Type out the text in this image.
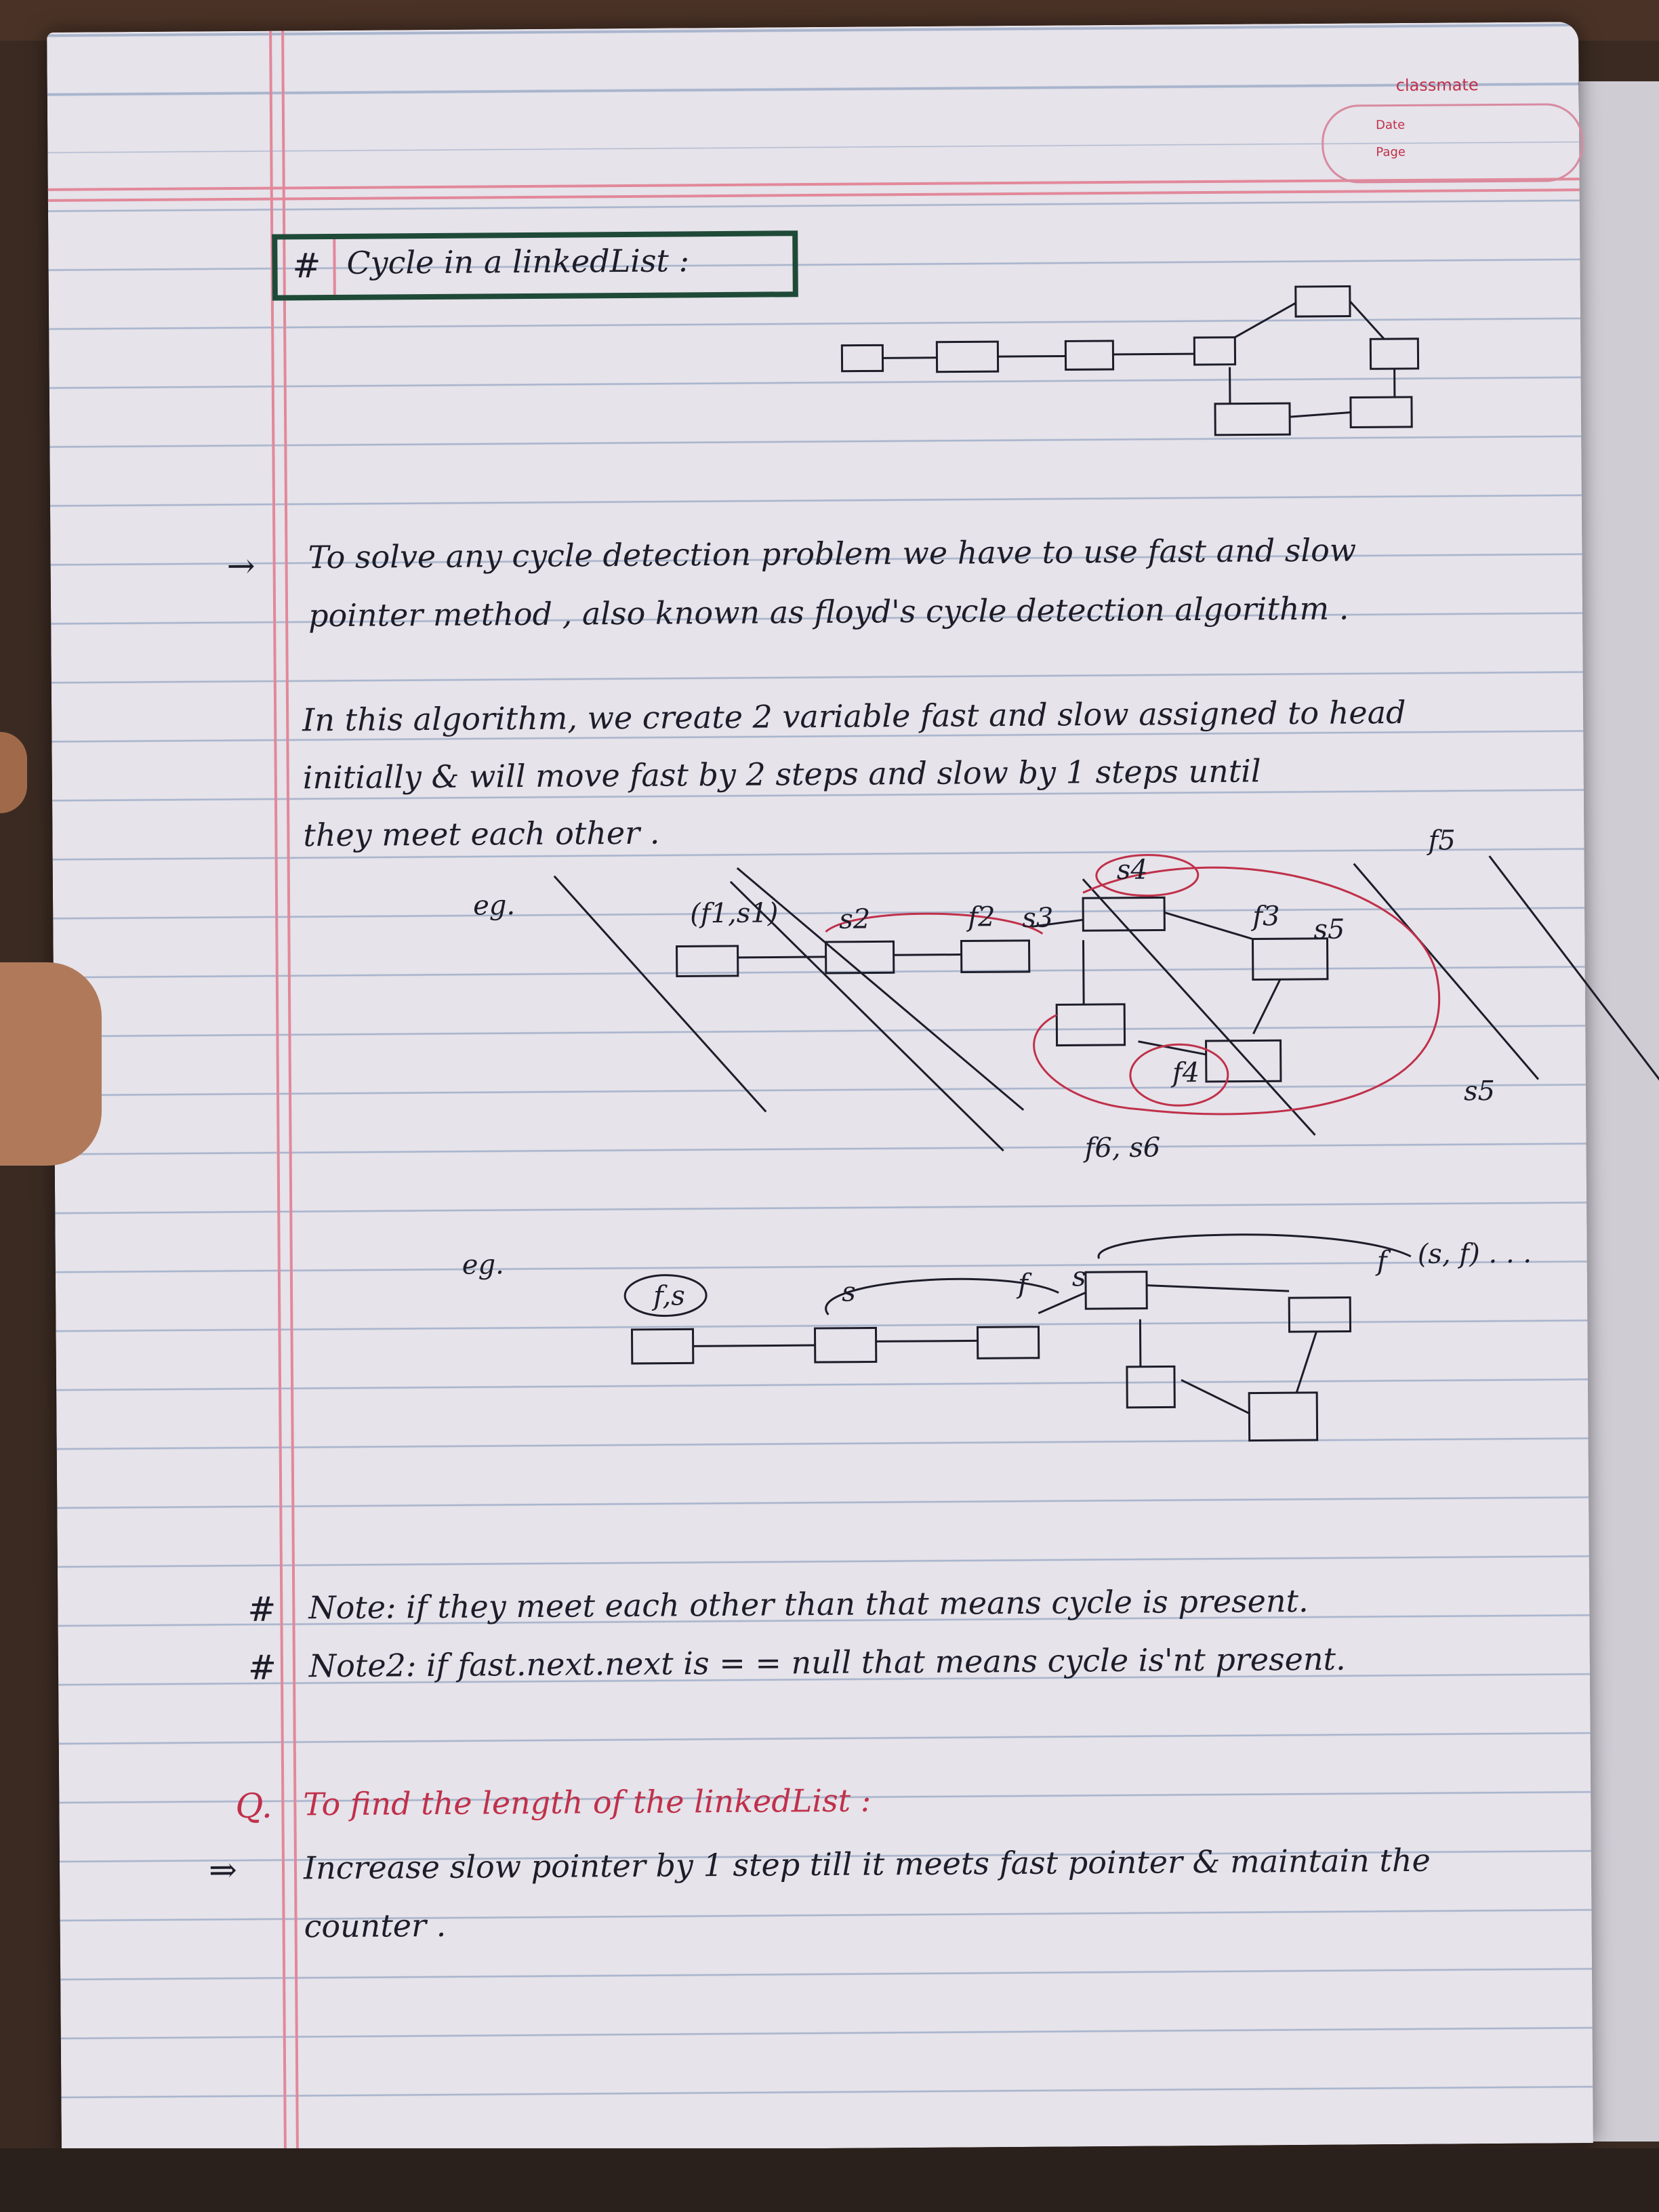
classmate
Date
Page
# Cycle in a linkedList :
→ To solve any cycle detection problem we have to use fast and slow
pointer method , also known as floyd's cycle detection algorithm .
In this algorithm, we create 2 variable fast and slow assigned to head
initially & will move fast by 2 steps and slow by 1 steps until
they meet each other .
eg.	(f1,s1) s2	f2 s3
s4
f3 s5
f5
f4
s5
f6, s6
eg.
f,s	s	f s
f (s, f) . . .
# Note: if they meet each other than that means cycle is present.
# Note2: if fast.next.next is = = null that means cycle is'nt present.
Q. To find the length of the linkedList :
⇒ Increase slow pointer by 1 step till it meets fast pointer & maintain the
counter .
